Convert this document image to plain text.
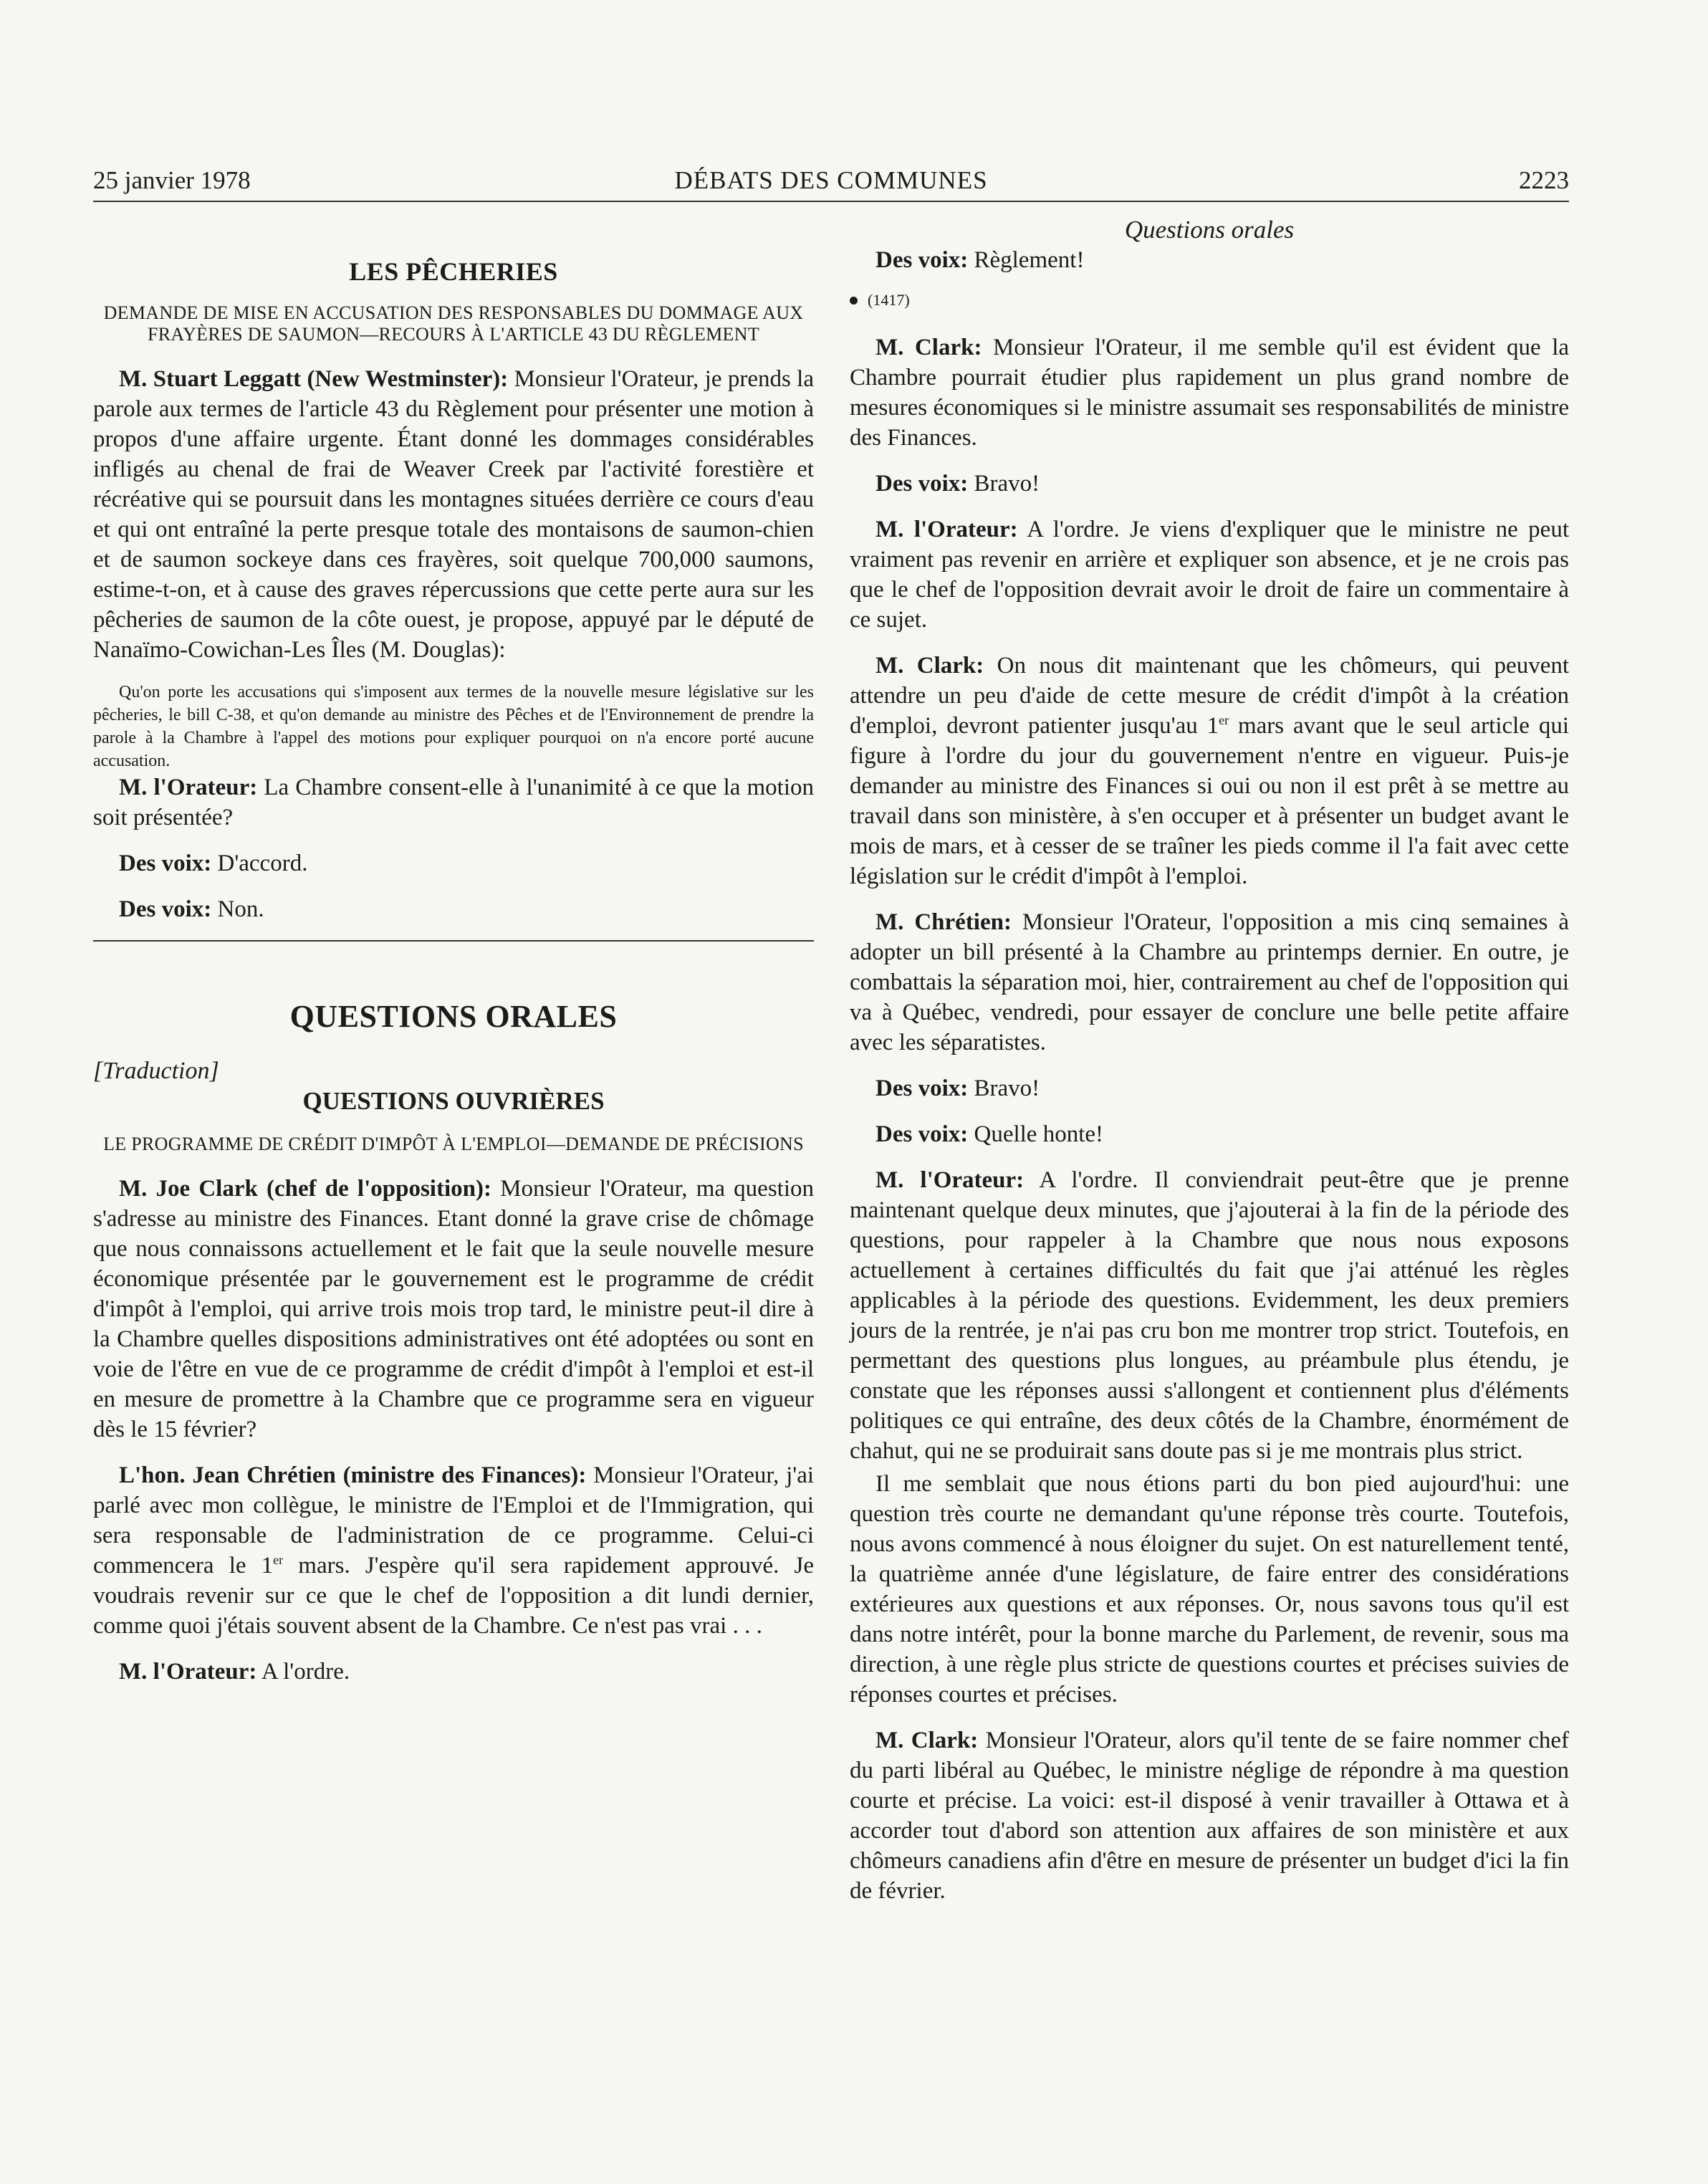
25 janvier 1978	DÉBATS DES COMMUNES	2223
LES PÊCHERIES
DEMANDE DE MISE EN ACCUSATION DES RESPONSABLES DU DOMMAGE AUX FRAYÈRES DE SAUMON—RECOURS À L'ARTICLE 43 DU RÈGLEMENT

M. Stuart Leggatt (New Westminster): Monsieur l'Orateur, je prends la parole aux termes de l'article 43 du Règlement pour présenter une motion à propos d'une affaire urgente. Étant donné les dommages considérables infligés au chenal de frai de Weaver Creek par l'activité forestière et récréative qui se poursuit dans les montagnes situées derrière ce cours d'eau et qui ont entraîné la perte presque totale des montaisons de saumon-chien et de saumon sockeye dans ces frayères, soit quelque 700,000 saumons, estime-t-on, et à cause des graves répercussions que cette perte aura sur les pêcheries de saumon de la côte ouest, je propose, appuyé par le député de Nanaïmo-Cowichan-Les Îles (M. Douglas):

Qu'on porte les accusations qui s'imposent aux termes de la nouvelle mesure législative sur les pêcheries, le bill C-38, et qu'on demande au ministre des Pêches et de l'Environnement de prendre la parole à la Chambre à l'appel des motions pour expliquer pourquoi on n'a encore porté aucune accusation.

M. l'Orateur: La Chambre consent-elle à l'unanimité à ce que la motion soit présentée?

Des voix: D'accord.

Des voix: Non.

QUESTIONS ORALES

[Traduction]

QUESTIONS OUVRIÈRES
LE PROGRAMME DE CRÉDIT D'IMPÔT À L'EMPLOI—DEMANDE DE PRÉCISIONS

M. Joe Clark (chef de l'opposition): Monsieur l'Orateur, ma question s'adresse au ministre des Finances. Etant donné la grave crise de chômage que nous connaissons actuellement et le fait que la seule nouvelle mesure économique présentée par le gouvernement est le programme de crédit d'impôt à l'emploi, qui arrive trois mois trop tard, le ministre peut-il dire à la Chambre quelles dispositions administratives ont été adoptées ou sont en voie de l'être en vue de ce programme de crédit d'impôt à l'emploi et est-il en mesure de promettre à la Chambre que ce programme sera en vigueur dès le 15 février?

L'hon. Jean Chrétien (ministre des Finances): Monsieur l'Orateur, j'ai parlé avec mon collègue, le ministre de l'Emploi et de l'Immigration, qui sera responsable de l'administration de ce programme. Celui-ci commencera le 1er mars. J'espère qu'il sera rapidement approuvé. Je voudrais revenir sur ce que le chef de l'opposition a dit lundi dernier, comme quoi j'étais souvent absent de la Chambre. Ce n'est pas vrai . . .

M. l'Orateur: A l'ordre.

Questions orales

Des voix: Règlement!

(1417)

M. Clark: Monsieur l'Orateur, il me semble qu'il est évident que la Chambre pourrait étudier plus rapidement un plus grand nombre de mesures économiques si le ministre assumait ses responsabilités de ministre des Finances.

Des voix: Bravo!

M. l'Orateur: A l'ordre. Je viens d'expliquer que le ministre ne peut vraiment pas revenir en arrière et expliquer son absence, et je ne crois pas que le chef de l'opposition devrait avoir le droit de faire un commentaire à ce sujet.

M. Clark: On nous dit maintenant que les chômeurs, qui peuvent attendre un peu d'aide de cette mesure de crédit d'impôt à la création d'emploi, devront patienter jusqu'au 1er mars avant que le seul article qui figure à l'ordre du jour du gouvernement n'entre en vigueur. Puis-je demander au ministre des Finances si oui ou non il est prêt à se mettre au travail dans son ministère, à s'en occuper et à présenter un budget avant le mois de mars, et à cesser de se traîner les pieds comme il l'a fait avec cette législation sur le crédit d'impôt à l'emploi.

M. Chrétien: Monsieur l'Orateur, l'opposition a mis cinq semaines à adopter un bill présenté à la Chambre au printemps dernier. En outre, je combattais la séparation moi, hier, contrairement au chef de l'opposition qui va à Québec, vendredi, pour essayer de conclure une belle petite affaire avec les séparatistes.

Des voix: Bravo!

Des voix: Quelle honte!

M. l'Orateur: A l'ordre. Il conviendrait peut-être que je prenne maintenant quelque deux minutes, que j'ajouterai à la fin de la période des questions, pour rappeler à la Chambre que nous nous exposons actuellement à certaines difficultés du fait que j'ai atténué les règles applicables à la période des questions. Evidemment, les deux premiers jours de la rentrée, je n'ai pas cru bon me montrer trop strict. Toutefois, en permettant des questions plus longues, au préambule plus étendu, je constate que les réponses aussi s'allongent et contiennent plus d'éléments politiques ce qui entraîne, des deux côtés de la Chambre, énormément de chahut, qui ne se produirait sans doute pas si je me montrais plus strict.

Il me semblait que nous étions parti du bon pied aujourd'hui: une question très courte ne demandant qu'une réponse très courte. Toutefois, nous avons commencé à nous éloigner du sujet. On est naturellement tenté, la quatrième année d'une législature, de faire entrer des considérations extérieures aux questions et aux réponses. Or, nous savons tous qu'il est dans notre intérêt, pour la bonne marche du Parlement, de revenir, sous ma direction, à une règle plus stricte de questions courtes et précises suivies de réponses courtes et précises.

M. Clark: Monsieur l'Orateur, alors qu'il tente de se faire nommer chef du parti libéral au Québec, le ministre néglige de répondre à ma question courte et précise. La voici: est-il disposé à venir travailler à Ottawa et à accorder tout d'abord son attention aux affaires de son ministère et aux chômeurs canadiens afin d'être en mesure de présenter un budget d'ici la fin de février.
